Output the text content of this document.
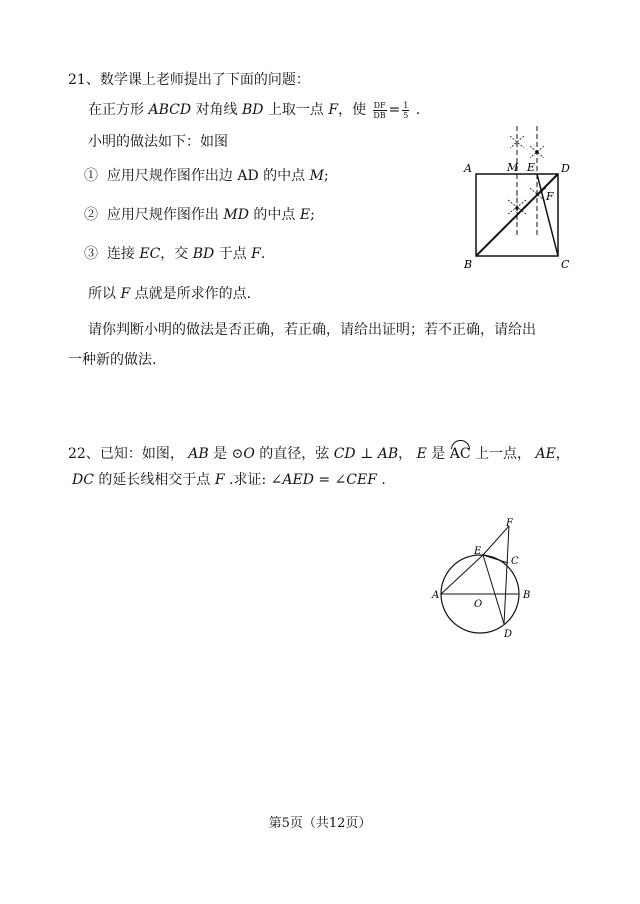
21、数学课上老师提出了下面的问题：
在正方形 ABCD 对角线 BD 上取一点 F，使 $\frac{DF}{DB} = \frac{1}{5}$ .
小明的做法如下：如图
① 应用尺规作图作出边 AD 的中点 M;
② 应用尺规作图作出 MD 的中点 E;
③ 连接 EC，交 BD 于点 F.
所以 F 点就是所求作的点.
请你判断小明的做法是否正确，若正确，请给出证明；若不正确，请给出
一种新的做法.
A
B	C
D
M E
F
22、已知：如图， AB 是 ⊙O 的直径，弦 CD ⊥ AB， E 是 AC 上一点， AE，
DC 的延长线相交于点 F .求证: ∠AED = ∠CEF .
F
E
C
A	B
O
D
第5页（共12页）
